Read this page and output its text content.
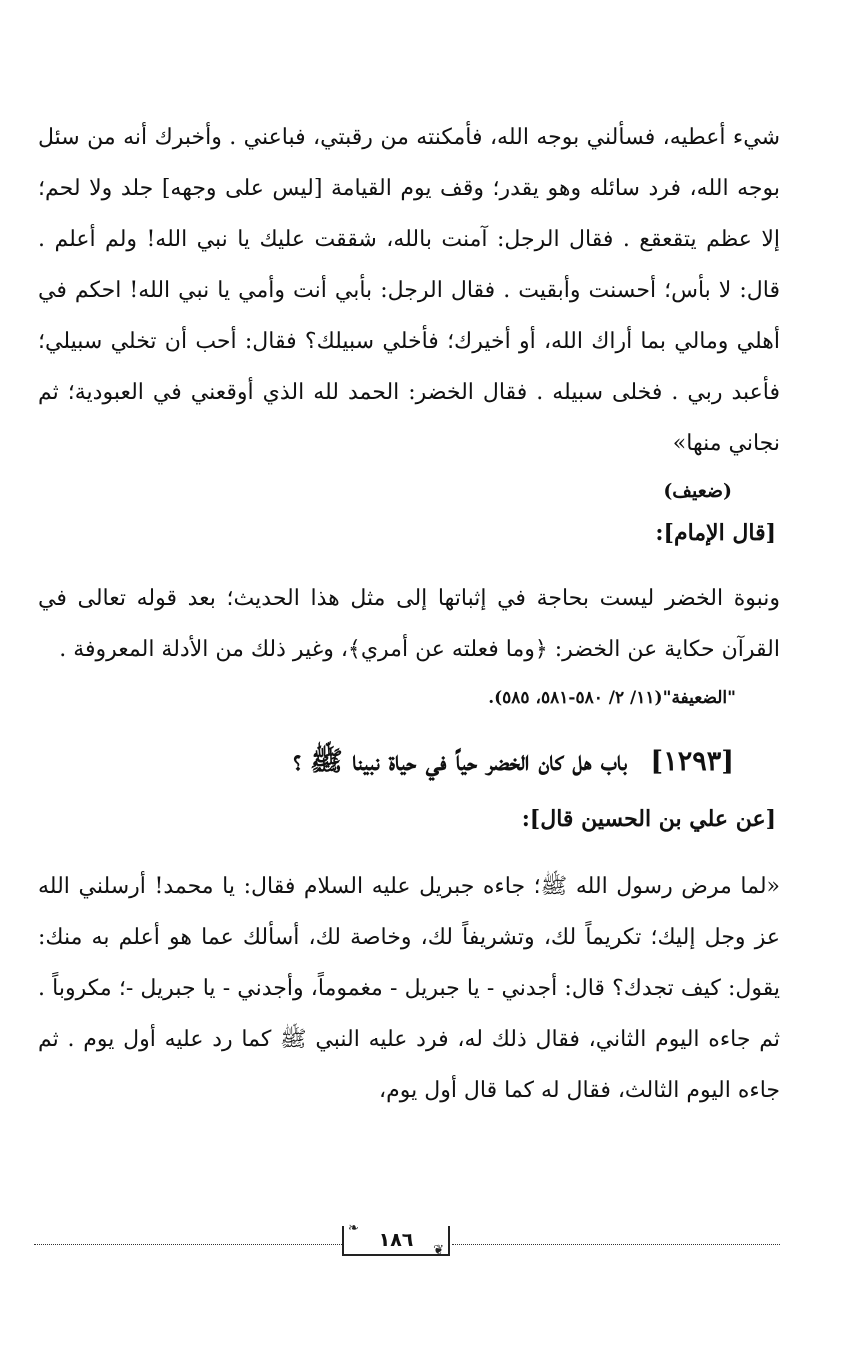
شيء أعطيه، فسألني بوجه الله، فأمكنته من رقبتي، فباعني . وأخبرك أنه من سئل بوجه الله، فرد سائله وهو يقدر؛ وقف يوم القيامة [ليس على وجهه] جلد ولا لحم؛ إلا عظم يتقعقع . فقال الرجل: آمنت بالله، شققت عليك يا نبي الله! ولم أعلم . قال: لا بأس؛ أحسنت وأبقيت . فقال الرجل: بأبي أنت وأمي يا نبي الله! احكم في أهلي ومالي بما أراك الله، أو أخيرك؛ فأخلي سبيلك؟ فقال: أحب أن تخلي سبيلي؛ فأعبد ربي . فخلى سبيله . فقال الخضر: الحمد لله الذي أوقعني في العبودية؛ ثم نجاني منها»

(ضعيف)

[قال الإمام]:

ونبوة الخضر ليست بحاجة في إثباتها إلى مثل هذا الحديث؛ بعد قوله تعالى في القرآن حكاية عن الخضر: ﴿وما فعلته عن أمري﴾، وغير ذلك من الأدلة المعروفة .

"الضعيفة"(١١/ ٢/ ٥٨٠-٥٨١، ٥٨٥).

[١٢٩٣] باب هل كان الخضر حياً في حياة نبينا ﷺ ؟

[عن علي بن الحسين قال]:

«لما مرض رسول الله ﷺ؛ جاءه جبريل عليه السلام فقال: يا محمد! أرسلني الله عز وجل إليك؛ تكريماً لك، وتشريفاً لك، وخاصة لك، أسألك عما هو أعلم به منك: يقول: كيف تجدك؟ قال: أجدني - يا جبريل - مغموماً، وأجدني - يا جبريل -؛ مكروباً . ثم جاءه اليوم الثاني، فقال ذلك له، فرد عليه النبي ﷺ كما رد عليه أول يوم . ثم جاءه اليوم الثالث، فقال له كما قال أول يوم،

❧
١٨٦ ❦
